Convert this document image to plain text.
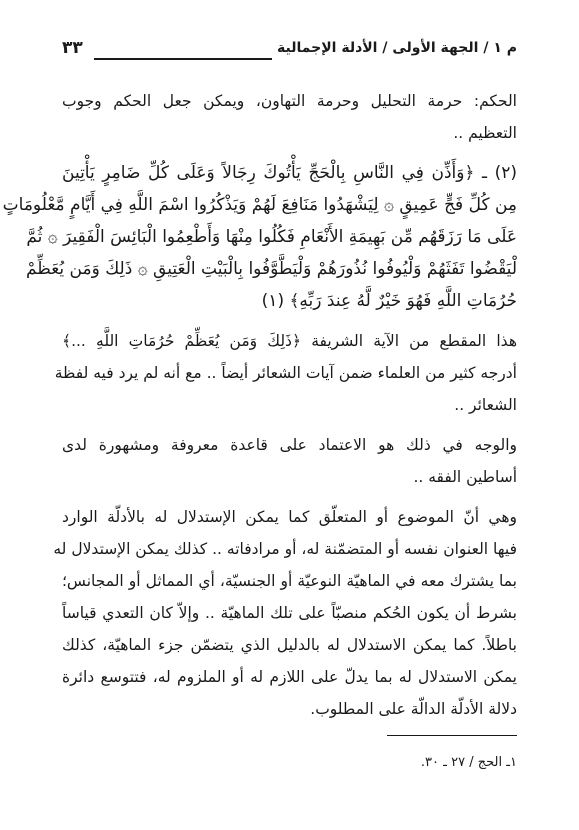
م ١ / الجهة الأولى / الأدلة الإجمالية
٣٣
الحكم: حرمة التحليل وحرمة التهاون، ويمكن جعل الحكم وجوب
التعظيم ..
(٢) ـ ﴿وَأَذِّن فِي النَّاسِ بِالْحَجِّ يَأْتُوكَ رِجَالاً وَعَلَى كُلِّ ضَامِرٍ يَأْتِينَ
مِن كُلِّ فَجٍّ عَمِيقٍ ۞ لِيَشْهَدُوا مَنَافِعَ لَهُمْ وَيَذْكُرُوا اسْمَ اللَّهِ فِي أَيَّامٍ مَّعْلُومَاتٍ
عَلَى مَا رَزَقَهُم مِّن بَهِيمَةِ الأَنْعَامِ فَكُلُوا مِنْهَا وَأَطْعِمُوا الْبَائِسَ الْفَقِيرَ ۞ ثُمَّ
لْيَقْضُوا تَفَثَهُمْ وَلْيُوفُوا نُذُورَهُمْ وَلْيَطَّوَّفُوا بِالْبَيْتِ الْعَتِيقِ ۞ ذَلِكَ وَمَن يُعَظِّمْ
حُرُمَاتِ اللَّهِ فَهُوَ خَيْرٌ لَّهُ عِندَ رَبِّهِ﴾ (١)
هذا المقطع من الآية الشريفة ﴿ذَلِكَ وَمَن يُعَظِّمْ حُرُمَاتِ اللَّهِ ...﴾
أدرجه كثير من العلماء ضمن آيات الشعائر أيضاً .. مع أنه لم يرد فيه لفظة
الشعائر ..
والوجه في ذلك هو الاعتماد على قاعدة معروفة ومشهورة لدى
أساطين الفقه ..
وهي أنّ الموضوع أو المتعلّق كما يمكن الإستدلال له بالأدلّة الوارد
فيها العنوان نفسه أو المتضمّنة له، أو مرادفاته .. كذلك يمكن الإستدلال له
بما يشترك معه في الماهيّة النوعيّة أو الجنسيّة، أي المماثل أو المجانس؛
بشرط أن يكون الحُكم منصبّاً على تلك الماهيّة .. وإلاّ كان التعدي قياساً
باطلاً. كما يمكن الاستدلال له بالدليل الذي يتضمّن جزء الماهيّة، كذلك
يمكن الاستدلال له بما يدلّ على اللازم له أو الملزوم له، فتتوسع دائرة
دلالة الأدلّة الدالّة على المطلوب.
١ـ الحج / ٢٧ ـ ٣٠.
